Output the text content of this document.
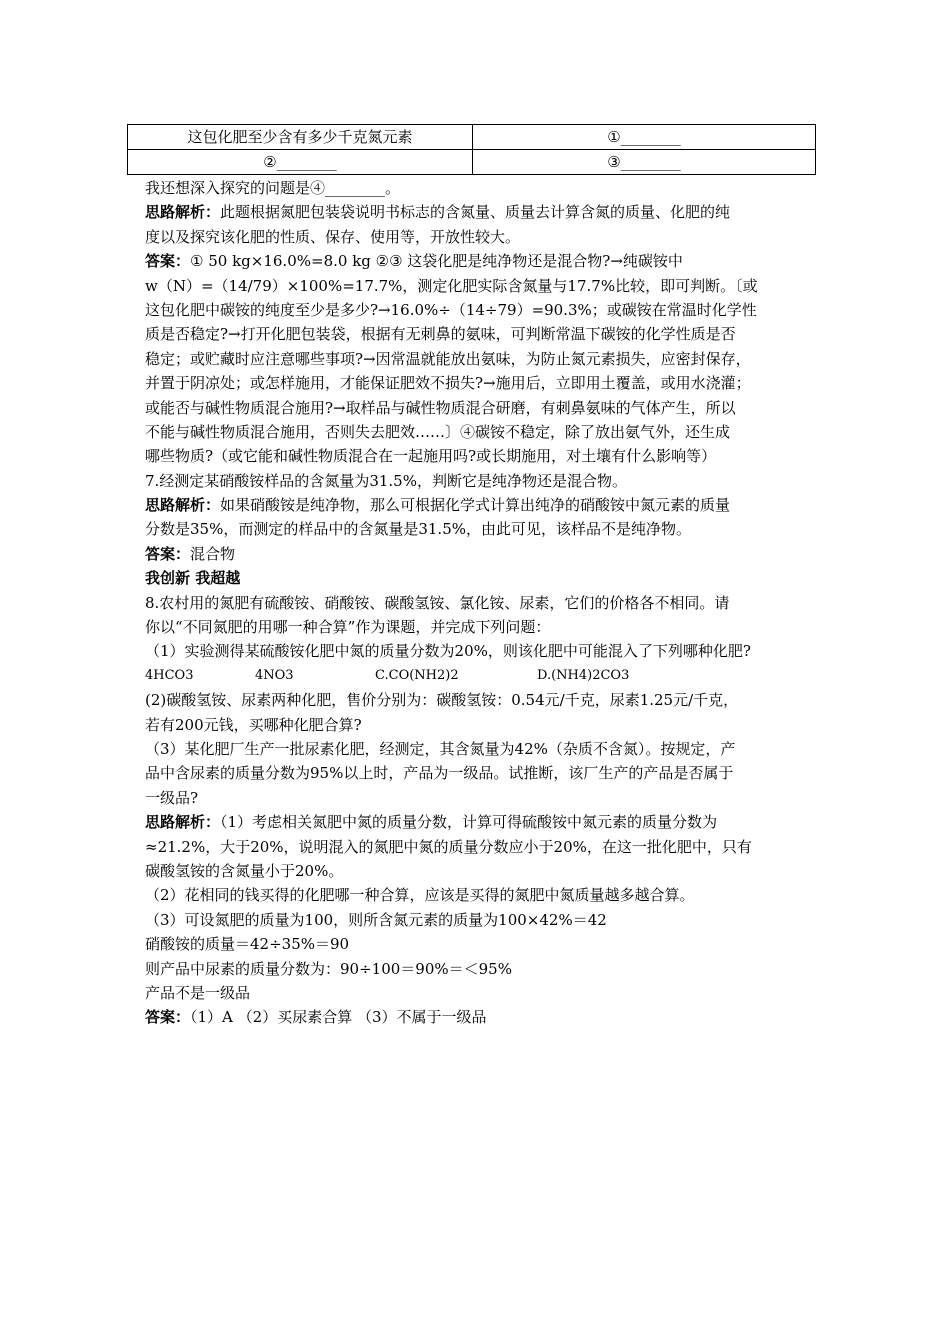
这包化肥至少含有多少千克氮元素	①________
②________	③________
我还想深入探究的问题是④________。
思路解析：此题根据氮肥包装袋说明书标志的含氮量、质量去计算含氮的质量、化肥的纯
度以及探究该化肥的性质、保存、使用等，开放性较大。
答案：① 50 kg×16.0%=8.0 kg ②③ 这袋化肥是纯净物还是混合物?→纯碳铵中
w（N）=（14/79）×100%=17.7%，测定化肥实际含氮量与17.7%比较，即可判断。〔或
这包化肥中碳铵的纯度至少是多少?→16.0%÷（14÷79）=90.3%；或碳铵在常温时化学性
质是否稳定?→打开化肥包装袋，根据有无刺鼻的氨味，可判断常温下碳铵的化学性质是否
稳定；或贮藏时应注意哪些事项?→因常温就能放出氨味，为防止氮元素损失，应密封保存，
并置于阴凉处；或怎样施用，才能保证肥效不损失?→施用后，立即用土覆盖，或用水浇灌；
或能否与碱性物质混合施用?→取样品与碱性物质混合研磨，有刺鼻氨味的气体产生，所以
不能与碱性物质混合施用，否则失去肥效……〕④碳铵不稳定，除了放出氨气外，还生成
哪些物质?（或它能和碱性物质混合在一起施用吗?或长期施用，对土壤有什么影响等）
7.经测定某硝酸铵样品的含氮量为31.5%，判断它是纯净物还是混合物。
思路解析：如果硝酸铵是纯净物，那么可根据化学式计算出纯净的硝酸铵中氮元素的质量
分数是35%，而测定的样品中的含氮量是31.5%，由此可见，该样品不是纯净物。
答案：混合物
我创新 我超越
8.农村用的氮肥有硫酸铵、硝酸铵、碳酸氢铵、氯化铵、尿素，它们的价格各不相同。请
你以“不同氮肥的用哪一种合算”作为课题，并完成下列问题：
（1）实验测得某硫酸铵化肥中氮的质量分数为20%，则该化肥中可能混入了下列哪种化肥?
4HCO3	4NO3	C.CO(NH2)2	D.(NH4)2CO3
(2)碳酸氢铵、尿素两种化肥，售价分别为：碳酸氢铵：0.54元/千克，尿素1.25元/千克，
若有200元钱，买哪种化肥合算?
（3）某化肥厂生产一批尿素化肥，经测定，其含氮量为42%（杂质不含氮）。按规定，产
品中含尿素的质量分数为95%以上时，产品为一级品。试推断，该厂生产的产品是否属于
一级品?
思路解析：（1）考虑相关氮肥中氮的质量分数，计算可得硫酸铵中氮元素的质量分数为
≈21.2%，大于20%，说明混入的氮肥中氮的质量分数应小于20%，在这一批化肥中，只有
碳酸氢铵的含氮量小于20%。
（2）花相同的钱买得的化肥哪一种合算，应该是买得的氮肥中氮质量越多越合算。
（3）可设氮肥的质量为100，则所含氮元素的质量为100×42%＝42
硝酸铵的质量＝42÷35%＝90
则产品中尿素的质量分数为：90÷100＝90%＝＜95%
产品不是一级品
答案：（1）A （2）买尿素合算 （3）不属于一级品
